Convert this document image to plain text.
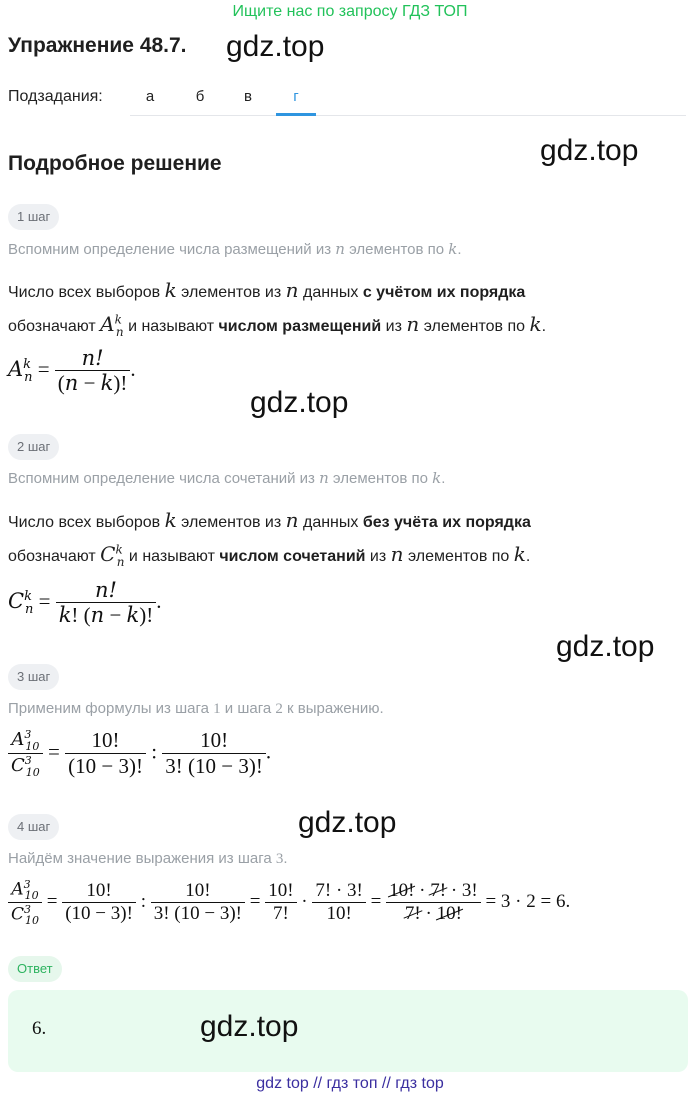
Ищите нас по запросу ГДЗ ТОП
Упражнение 48.7. gdz.top
Подзадания:	а	б	в	г
Подробное решение	gdz.top
1 шаг
Вспомним определение числа размещений из n элементов по k.
Число всех выборов k элементов из n данных с учётом их порядка
обозначают $A^k_n$ и называют числом размещений из n элементов по k.
$A^k_n = \frac{n!}{(n - k)!}$ .
gdz.top
2 шаг
Вспомним определение числа сочетаний из n элементов по k.
Число всех выборов k элементов из n данных без учёта их порядка
обозначают $C^k_n$ и называют числом сочетаний из n элементов по k.
$C^k_n = \frac{n!}{k! (n - k)!}$ .
gdz.top
3 шаг
Применим формулы из шага 1 и шага 2 к выражению.
$\frac{A^3_{10}}{C^3_{10}} = \frac{10!}{(10 - 3)!}$ : $\frac{10!}{3! (10 - 3)!}$ .
gdz.top
4 шаг
Найдём значение выражения из шага 3.
$\frac{A^3_{10}}{C^3_{10}} = \frac{10!}{(10 - 3)!}$ : $\frac{10!}{3! (10 - 3)!} = \frac{10!}{7!} \cdot \frac{7! \cdot 3!}{10!} = \frac{10! \cdot 7! \cdot 3!}{7! \cdot 10!} = 3 \cdot 2 = 6$.
Ответ
6.	gdz.top
gdz top // гдз топ // гдз top
